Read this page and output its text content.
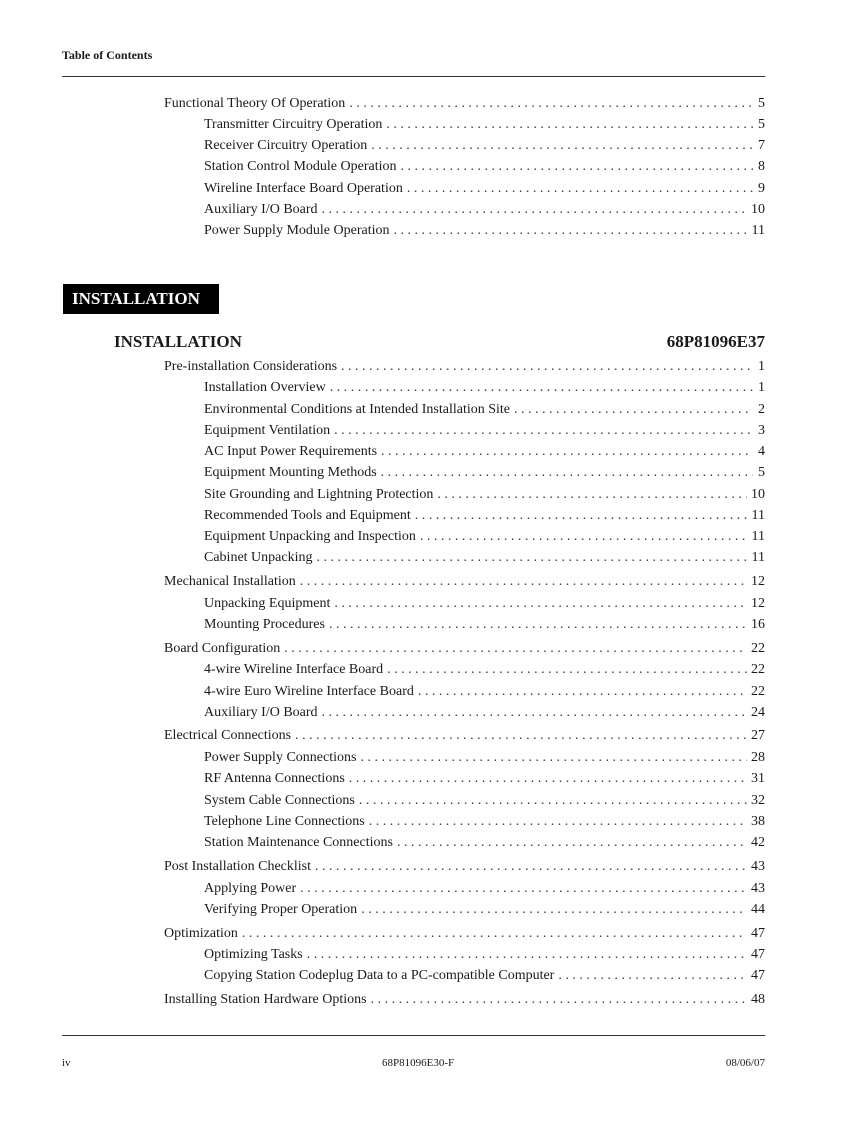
Table of Contents
Functional Theory Of Operation . . .	5
Transmitter Circuitry Operation . . .	5
Receiver Circuitry Operation . . .	7
Station Control Module Operation . . .	8
Wireline Interface Board Operation . . .	9
Auxiliary I/O Board . . .	10
Power Supply Module Operation . . .	11
INSTALLATION
INSTALLATION	68P81096E37
Pre-installation Considerations . . .	1
Installation Overview . . .	1
Environmental Conditions at Intended Installation Site . . .	2
Equipment Ventilation . . .	3
AC Input Power Requirements . . .	4
Equipment Mounting Methods . . .	5
Site Grounding and Lightning Protection . . .	10
Recommended Tools and Equipment . . .	11
Equipment Unpacking and Inspection . . .	11
Cabinet Unpacking . . .	11
Mechanical Installation . . .	12
Unpacking Equipment . . .	12
Mounting Procedures . . .	16
Board Configuration . . .	22
4-wire Wireline Interface Board . . .	22
4-wire Euro Wireline Interface Board . . .	22
Auxiliary I/O Board . . .	24
Electrical Connections . . .	27
Power Supply Connections . . .	28
RF Antenna Connections . . .	31
System Cable Connections . . .	32
Telephone Line Connections . . .	38
Station Maintenance Connections . . .	42
Post Installation Checklist . . .	43
Applying Power . . .	43
Verifying Proper Operation . . .	44
Optimization . . .	47
Optimizing Tasks . . .	47
Copying Station Codeplug Data to a PC-compatible Computer . . .	47
Installing Station Hardware Options . . .	48
iv	68P81096E30-F	08/06/07
